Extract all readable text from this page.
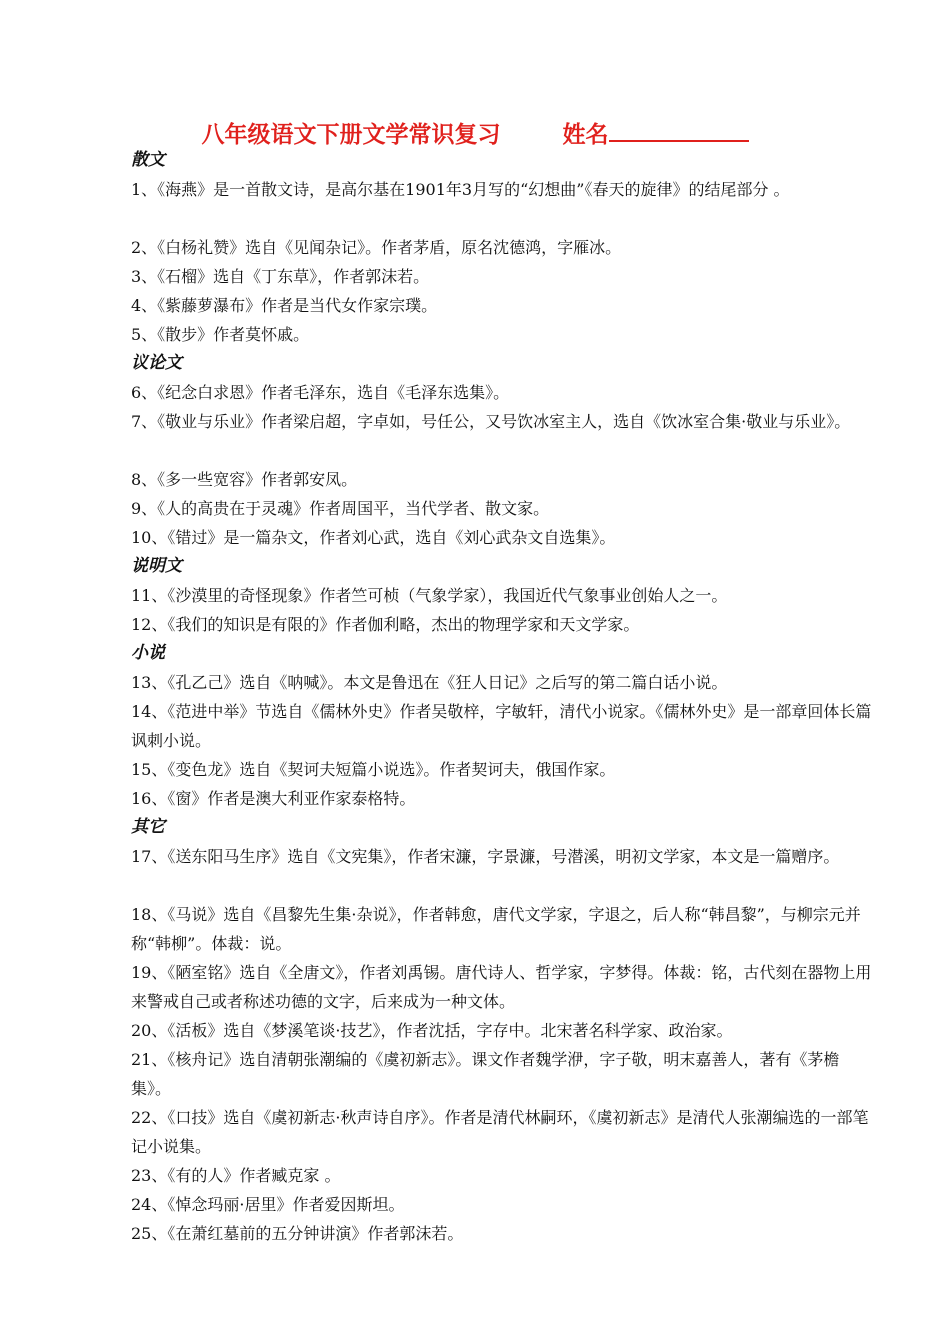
八年级语文下册文学常识复习	姓名
散文
1、《海燕》是一首散文诗，是高尔基在1901年3月写的“幻想曲”《春天的旋律》的结尾部分 。
2、《白杨礼赞》选自《见闻杂记》。作者茅盾，原名沈德鸿，字雁冰。
3、《石榴》选自《丁东草》，作者郭沫若。
4、《紫藤萝瀑布》作者是当代女作家宗璞。
5、《散步》作者莫怀戚。
议论文
6、《纪念白求恩》作者毛泽东，选自《毛泽东选集》。
7、《敬业与乐业》作者梁启超，字卓如，号任公，又号饮冰室主人，选自《饮冰室合集·敬业与乐业》。
8、《多一些宽容》作者郭安凤。
9、《人的高贵在于灵魂》作者周国平，当代学者、散文家。
10、《错过》是一篇杂文，作者刘心武，选自《刘心武杂文自选集》。
说明文
11、《沙漠里的奇怪现象》作者竺可桢（气象学家），我国近代气象事业创始人之一。
12、《我们的知识是有限的》作者伽利略，杰出的物理学家和天文学家。
小说
13、《孔乙己》选自《呐喊》。本文是鲁迅在《狂人日记》之后写的第二篇白话小说。
14、《范进中举》节选自《儒林外史》作者吴敬梓，字敏轩，清代小说家。《儒林外史》是一部章回体长篇讽刺小说。
15、《变色龙》选自《契诃夫短篇小说选》。作者契诃夫，俄国作家。
16、《窗》作者是澳大利亚作家泰格特。
其它
17、《送东阳马生序》选自《文宪集》，作者宋濂，字景濂，号潜溪，明初文学家，本文是一篇赠序。
18、《马说》选自《昌黎先生集·杂说》，作者韩愈，唐代文学家，字退之，后人称“韩昌黎”，与柳宗元并称“韩柳”。体裁：说。
19、《陋室铭》选自《全唐文》，作者刘禹锡。唐代诗人、哲学家，字梦得。体裁：铭，古代刻在器物上用来警戒自己或者称述功德的文字，后来成为一种文体。
20、《活板》选自《梦溪笔谈·技艺》，作者沈括，字存中。北宋著名科学家、政治家。
21、《核舟记》选自清朝张潮编的《虞初新志》。课文作者魏学洢，字子敬，明末嘉善人，著有《茅檐集》。
22、《口技》选自《虞初新志·秋声诗自序》。作者是清代林嗣环，《虞初新志》是清代人张潮编选的一部笔记小说集。
23、《有的人》作者臧克家 。
24、《悼念玛丽·居里》作者爱因斯坦。
25、《在萧红墓前的五分钟讲演》作者郭沫若。
